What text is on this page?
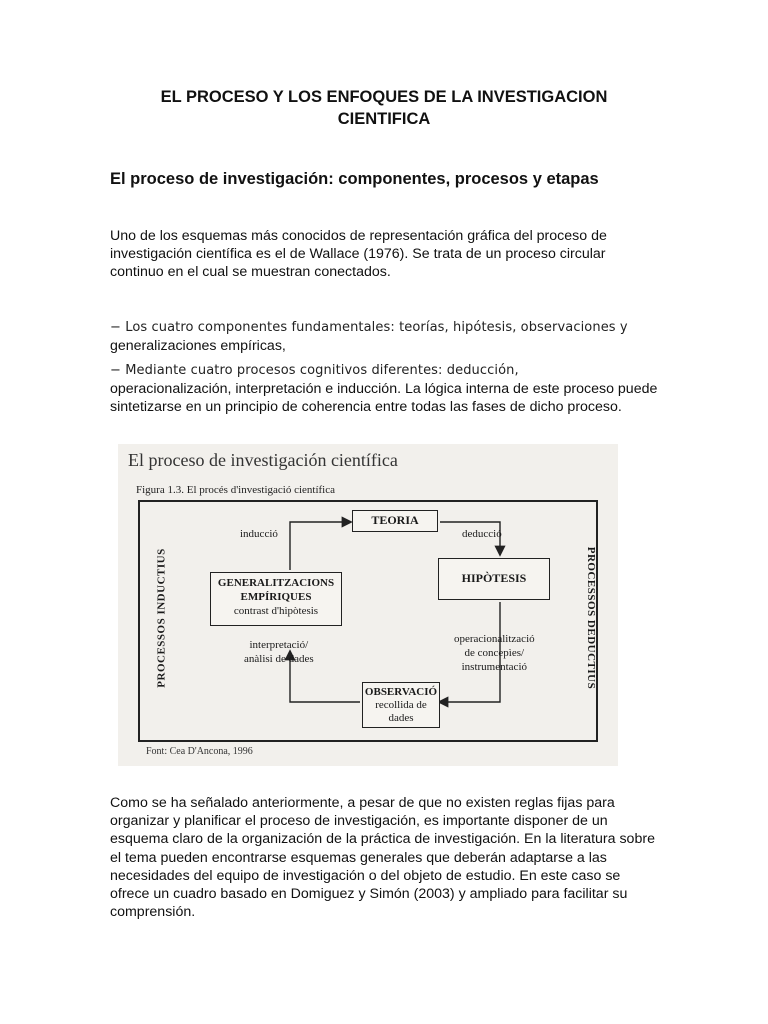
EL PROCESO Y LOS ENFOQUES DE LA INVESTIGACION
CIENTIFICA
El proceso de investigación: componentes, procesos y etapas
Uno de los esquemas más conocidos de representación gráfica del proceso de investigación científica es el de Wallace (1976). Se trata de un proceso circular continuo en el cual se muestran conectados.
− Los cuatro componentes fundamentales: teorías, hipótesis, observaciones y
generalizaciones empíricas,
− Mediante cuatro procesos cognitivos diferentes: deducción,
operacionalización, interpretación e inducción. La lógica interna de este proceso puede sintetizarse en un principio de coherencia entre todas las fases de dicho proceso.
El proceso de investigación científica
Figura 1.3. El procés d'investigació científica
PROCESSOS INDUCTIUS	PROCESSOS DEDUCTIUS
TEORIA
HIPÒTESIS
GENERALITZACIONS
EMPÍRIQUES
contrast d'hipòtesis
OBSERVACIÓ
recollida de
dades
inducció	deducció
operacionalització
de concepìes/
instrumentació
interpretació/
anàlisi de dades
Font: Cea D'Ancona, 1996
Como se ha señalado anteriormente, a pesar de que no existen reglas fijas para organizar y planificar el proceso de investigación, es importante disponer de un esquema claro de la organización de la práctica de investigación. En la literatura sobre el tema pueden encontrarse esquemas generales que deberán adaptarse a las necesidades del equipo de investigación o del objeto de estudio. En este caso se ofrece un cuadro basado en Domiguez y Simón (2003) y ampliado para facilitar su comprensión.
